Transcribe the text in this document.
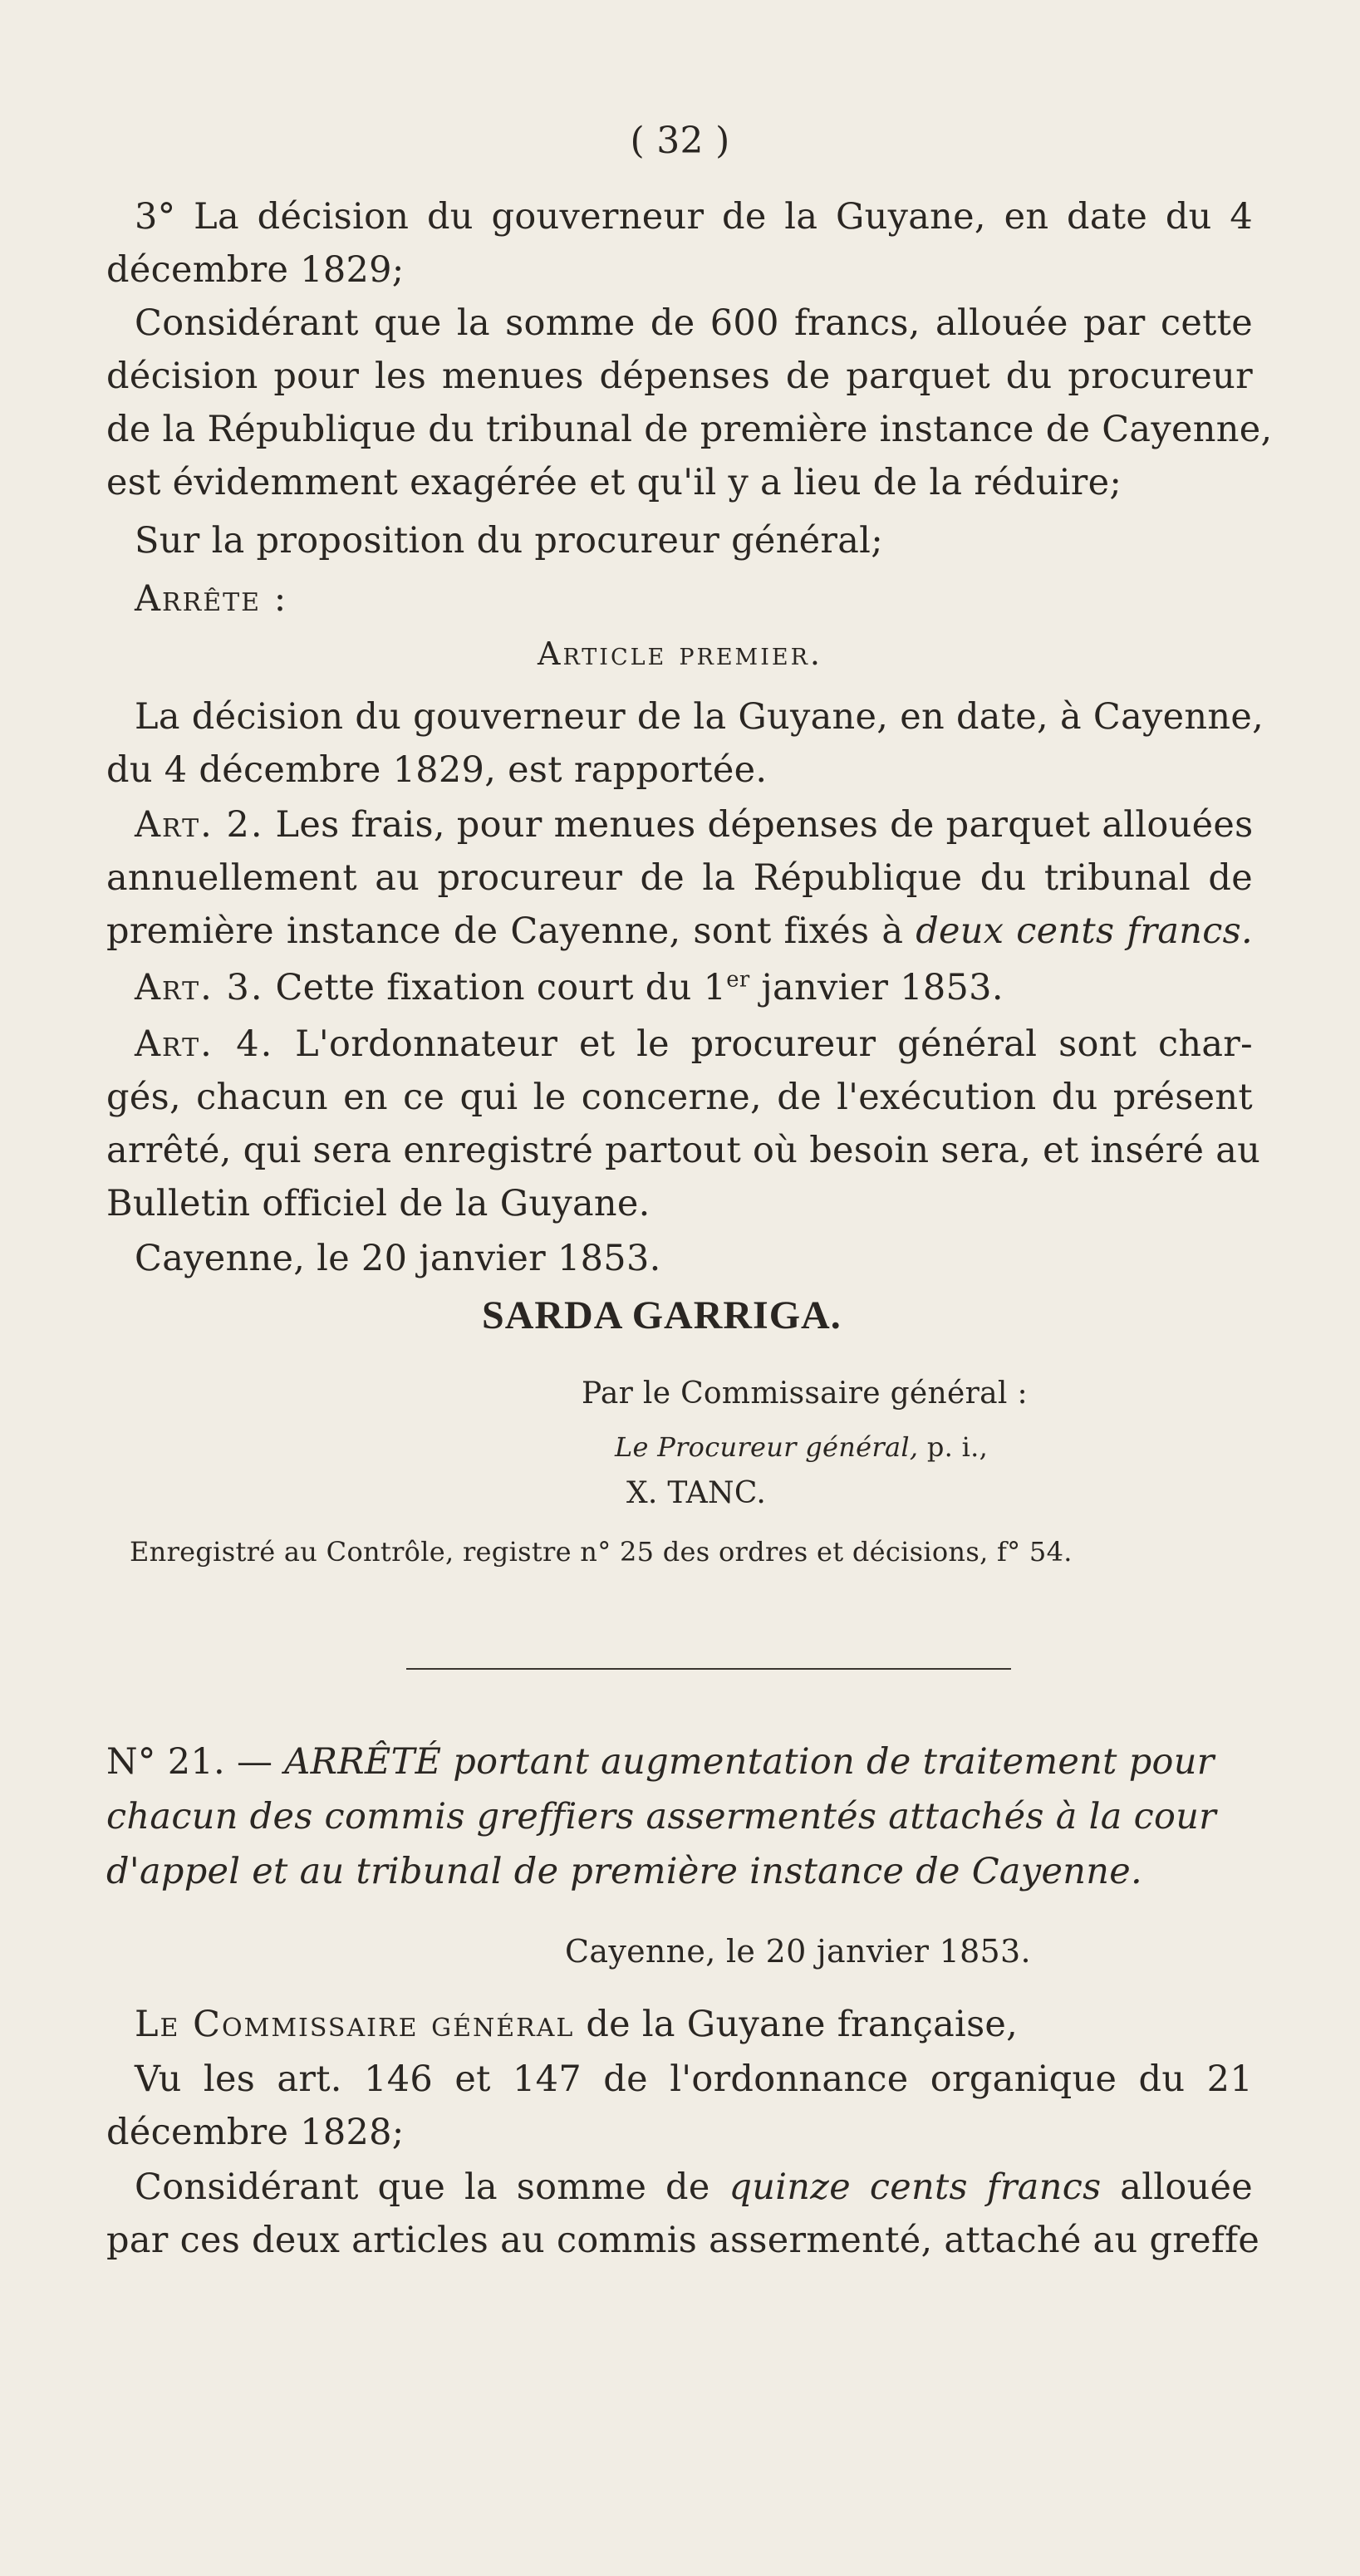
( 32 )
3° La décision du gouverneur de la Guyane, en date du 4
décembre 1829;
Considérant que la somme de 600 francs, allouée par cette
décision pour les menues dépenses de parquet du procureur
de la République du tribunal de première instance de Cayenne,
est évidemment exagérée et qu'il y a lieu de la réduire;
Sur la proposition du procureur général;
Arrête :
Article premier.
La décision du gouverneur de la Guyane, en date, à Cayenne,
du 4 décembre 1829, est rapportée.
Art. 2. Les frais, pour menues dépenses de parquet allouées
annuellement au procureur de la République du tribunal de
première instance de Cayenne, sont fixés à deux cents francs.
Art. 3. Cette fixation court du 1er janvier 1853.
Art. 4. L'ordonnateur et le procureur général sont char-
gés, chacun en ce qui le concerne, de l'exécution du présent
arrêté, qui sera enregistré partout où besoin sera, et inséré au
Bulletin officiel de la Guyane.
Cayenne, le 20 janvier 1853.
SARDA GARRIGA.
Par le Commissaire général :
Le Procureur général, p. i.,
X. TANC.
Enregistré au Contrôle, registre n° 25 des ordres et décisions, f° 54.
N° 21. — ARRÊTÉ portant augmentation de traitement pour
chacun des commis greffiers assermentés attachés à la cour
d'appel et au tribunal de première instance de Cayenne.
Cayenne, le 20 janvier 1853.
Le Commissaire général de la Guyane française,
Vu les art. 146 et 147 de l'ordonnance organique du 21
décembre 1828;
Considérant que la somme de quinze cents francs allouée
par ces deux articles au commis assermenté, attaché au greffe
